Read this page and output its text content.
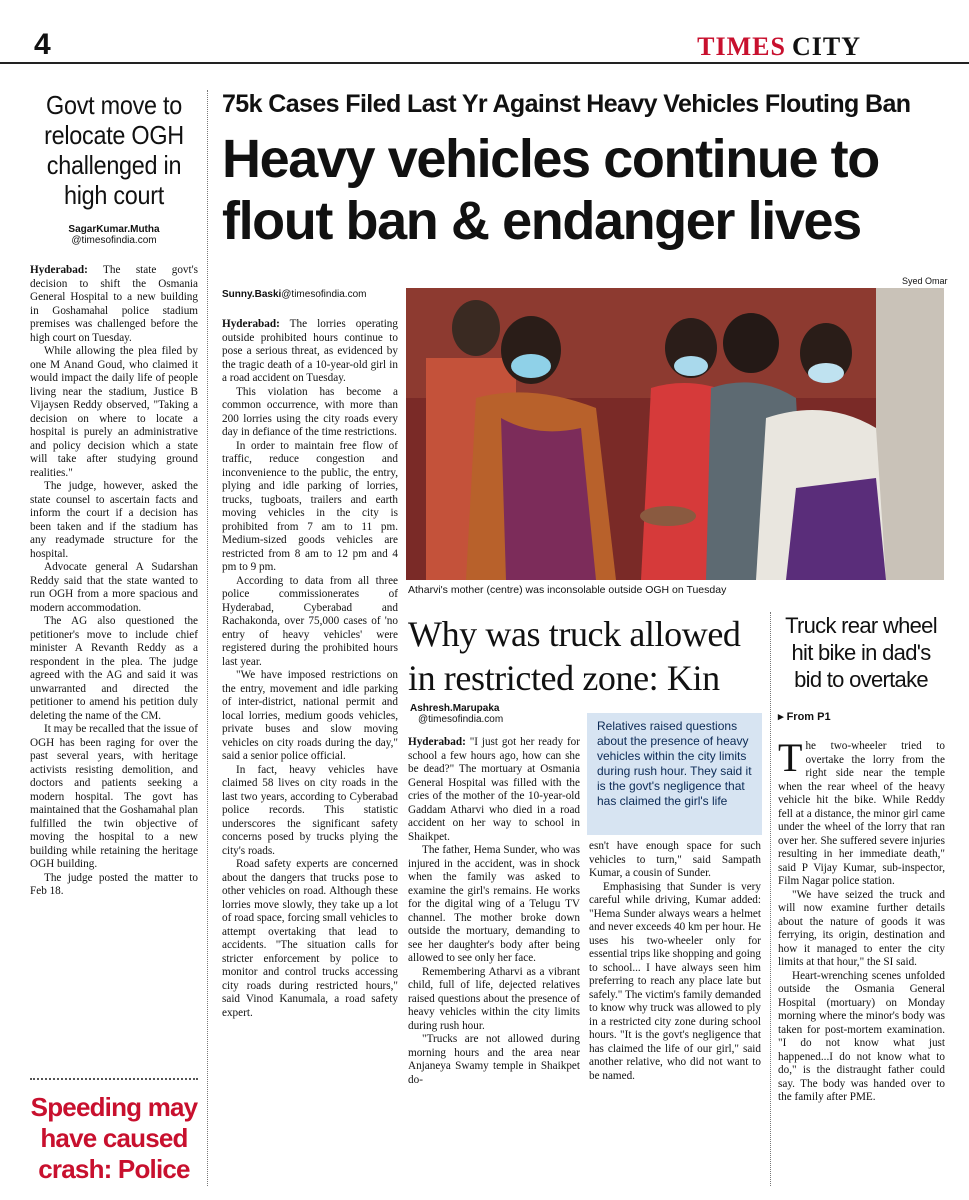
4	TIMES CITY
Govt move to relocate OGH challenged in high court
SagarKumar.Mutha
@timesofindia.com

Hyderabad: The state govt's decision to shift the Osmania General Hospital to a new building in Goshamahal police stadium premises was challenged before the high court on Tuesday.

While allowing the plea filed by one M Anand Goud, who claimed it would impact the daily life of people living near the stadium, Justice B Vijaysen Reddy observed, "Taking a decision on where to locate a hospital is purely an administrative and policy decision which a state will take after studying ground realities."

The judge, however, asked the state counsel to ascertain facts and inform the court if a decision has been taken and if the stadium has any readymade structure for the hospital.

Advocate general A Sudarshan Reddy said that the state wanted to run OGH from a more spacious and modern accommodation.

The AG also questioned the petitioner's move to include chief minister A Revanth Reddy as a respondent in the plea. The judge agreed with the AG and said it was unwarranted and directed the petitioner to amend his petition duly deleting the name of the CM.

It may be recalled that the issue of OGH has been raging for over the past several years, with heritage activists resisting demolition, and doctors and patients seeking a modern hospital. The govt has maintained that the Goshamahal plan fulfilled the twin objective of moving the hospital to a new building while retaining the heritage OGH building.

The judge posted the matter to Feb 18.

Speeding may have caused crash: Police
75k Cases Filed Last Yr Against Heavy Vehicles Flouting Ban
Heavy vehicles continue to flout ban & endanger lives
Sunny.Baski@timesofindia.com

Hyderabad: The lorries operating outside prohibited hours continue to pose a serious threat, as evidenced by the tragic death of a 10-year-old girl in a road accident on Tuesday.

This violation has become a common occurrence, with more than 200 lorries using the city roads every day in defiance of the time restrictions.

In order to maintain free flow of traffic, reduce congestion and inconvenience to the public, the entry, plying and idle parking of lorries, trucks, tugboats, trailers and earth moving vehicles in the city is prohibited from 7 am to 11 pm. Medium-sized goods vehicles are restricted from 8 am to 12 pm and 4 pm to 9 pm.

According to data from all three police commissionerates of Hyderabad, Cyberabad and Rachakonda, over 75,000 cases of 'no entry of heavy vehicles' were registered during the prohibited hours last year.

"We have imposed restrictions on the entry, movement and idle parking of inter-district, national permit and local lorries, medium goods vehicles, private buses and slow moving vehicles on city roads during the day," said a senior police official.

In fact, heavy vehicles have claimed 58 lives on city roads in the last two years, according to Cyberabad police records. This statistic underscores the significant safety concerns posed by trucks plying the city's roads.

Road safety experts are concerned about the dangers that trucks pose to other vehicles on road. Although these lorries move slowly, they take up a lot of road space, forcing small vehicles to attempt overtaking that lead to accidents. "The situation calls for stricter enforcement by police to monitor and control trucks accessing city roads during restricted hours," said Vinod Kanumala, a road safety expert.

Syed Omar
Atharvi's mother (centre) was inconsolable outside OGH on Tuesday
Why was truck allowed in restricted zone: Kin
Ashresh.Marupaka
@timesofindia.com	Relatives raised questions about the presence of heavy vehicles within the city limits during rush hour. They said it is the govt's negligence that has claimed the girl's life

Hyderabad: "I just got her ready for school a few hours ago, how can she be dead?" The mortuary at Osmania General Hospital was filled with the cries of the mother of the 10-year-old Gaddam Atharvi who died in a road accident on her way to school in Shaikpet.

The father, Hema Sunder, who was injured in the accident, was in shock when the family was asked to examine the girl's remains. He works for the digital wing of a Telugu TV channel. The mother broke down outside the mortuary, demanding to see her daughter's body after being allowed to see only her face.

Remembering Atharvi as a vibrant child, full of life, dejected relatives raised questions about the presence of heavy vehicles within the city limits during rush hour.

"Trucks are not allowed during morning hours and the area near Anjaneya Swamy temple in Shaikpet do-

esn't have enough space for such vehicles to turn," said Sampath Kumar, a cousin of Sunder.

Emphasising that Sunder is very careful while driving, Kumar added: "Hema Sunder always wears a helmet and never exceeds 40 km per hour. He uses his two-wheeler only for essential trips like shopping and going to school... I have always seen him preferring to reach any place late but safely." The victim's family demanded to know why truck was allowed to ply in a restricted city zone during school hours. "It is the govt's negligence that has claimed the life of our girl," said another relative, who did not want to be named.

Truck rear wheel hit bike in dad's bid to overtake
▸ From P1

The two-wheeler tried to overtake the lorry from the right side near the temple when the rear wheel of the heavy vehicle hit the bike. While Reddy fell at a distance, the minor girl came under the wheel of the lorry that ran over her. She suffered severe injuries resulting in her immediate death," said P Vijay Kumar, sub-inspector, Film Nagar police station.

"We have seized the truck and will now examine further details about the nature of goods it was ferrying, its origin, destination and how it managed to enter the city limits at that hour," the SI said.

Heart-wrenching scenes unfolded outside the Osmania General Hospital (mortuary) on Monday morning where the minor's body was taken for post-mortem examination. "I do not know what just happened...I do not know what to do," is the distraught father could say. The body was handed over to the family after PME.
